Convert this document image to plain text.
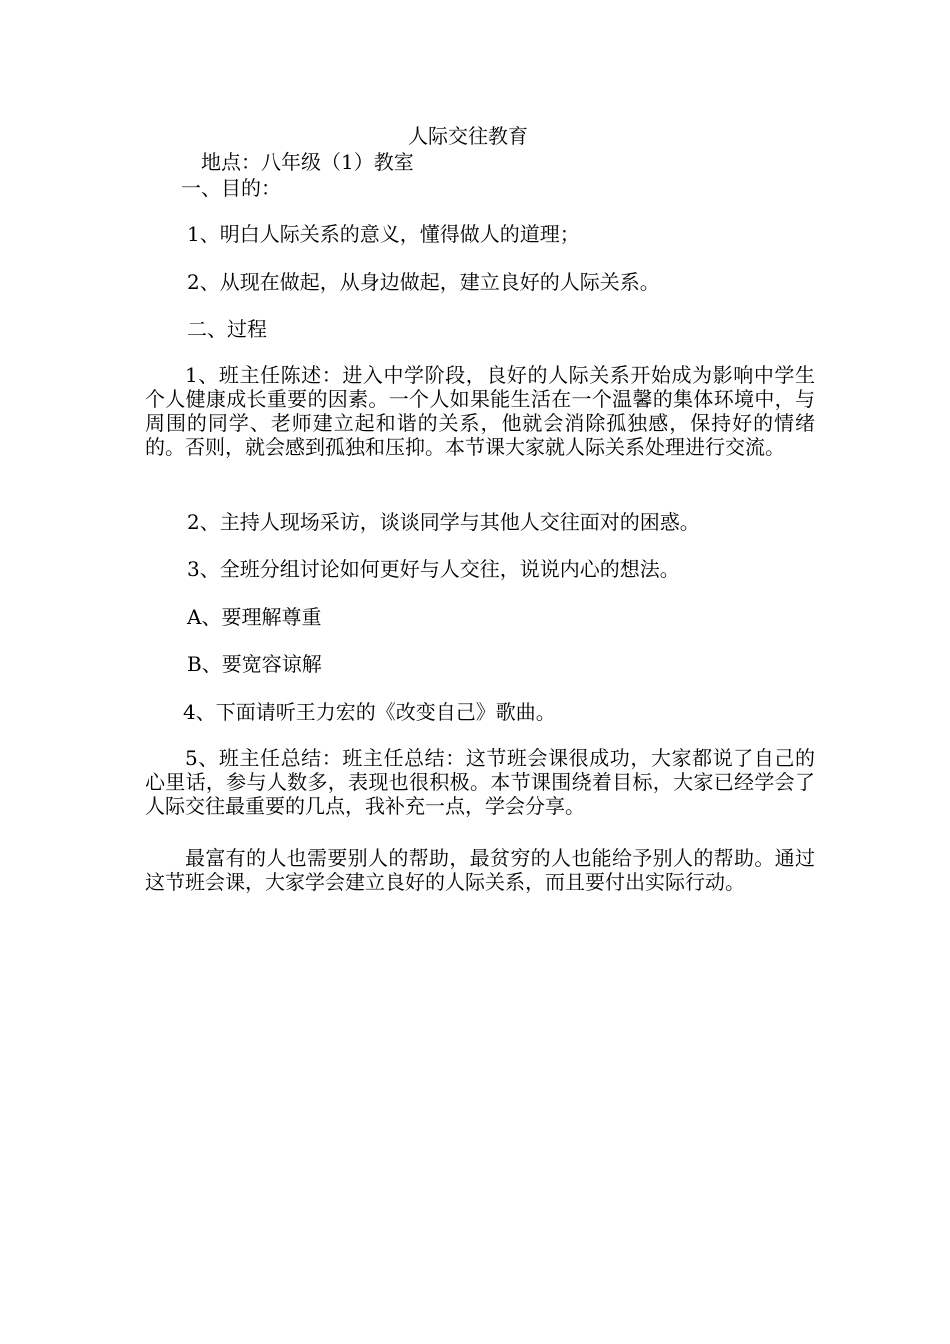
人际交往教育
地点：八年级（1）教室
一、目的：
1、明白人际关系的意义，懂得做人的道理；
2、从现在做起，从身边做起，建立良好的人际关系。
二、过程
1、班主任陈述：进入中学阶段，良好的人际关系开始成为影响中学生个人健康成长重要的因素。一个人如果能生活在一个温馨的集体环境中，与周围的同学、老师建立起和谐的关系，他就会消除孤独感，保持好的情绪的。否则，就会感到孤独和压抑。本节课大家就人际关系处理进行交流。
2、主持人现场采访，谈谈同学与其他人交往面对的困惑。
3、全班分组讨论如何更好与人交往，说说内心的想法。
A、要理解尊重
B、要宽容谅解
4、下面请听王力宏的《改变自己》歌曲。
5、班主任总结：班主任总结：这节班会课很成功，大家都说了自己的心里话，参与人数多，表现也很积极。本节课围绕着目标，大家已经学会了人际交往最重要的几点，我补充一点，学会分享。
最富有的人也需要别人的帮助，最贫穷的人也能给予别人的帮助。通过这节班会课，大家学会建立良好的人际关系，而且要付出实际行动。
